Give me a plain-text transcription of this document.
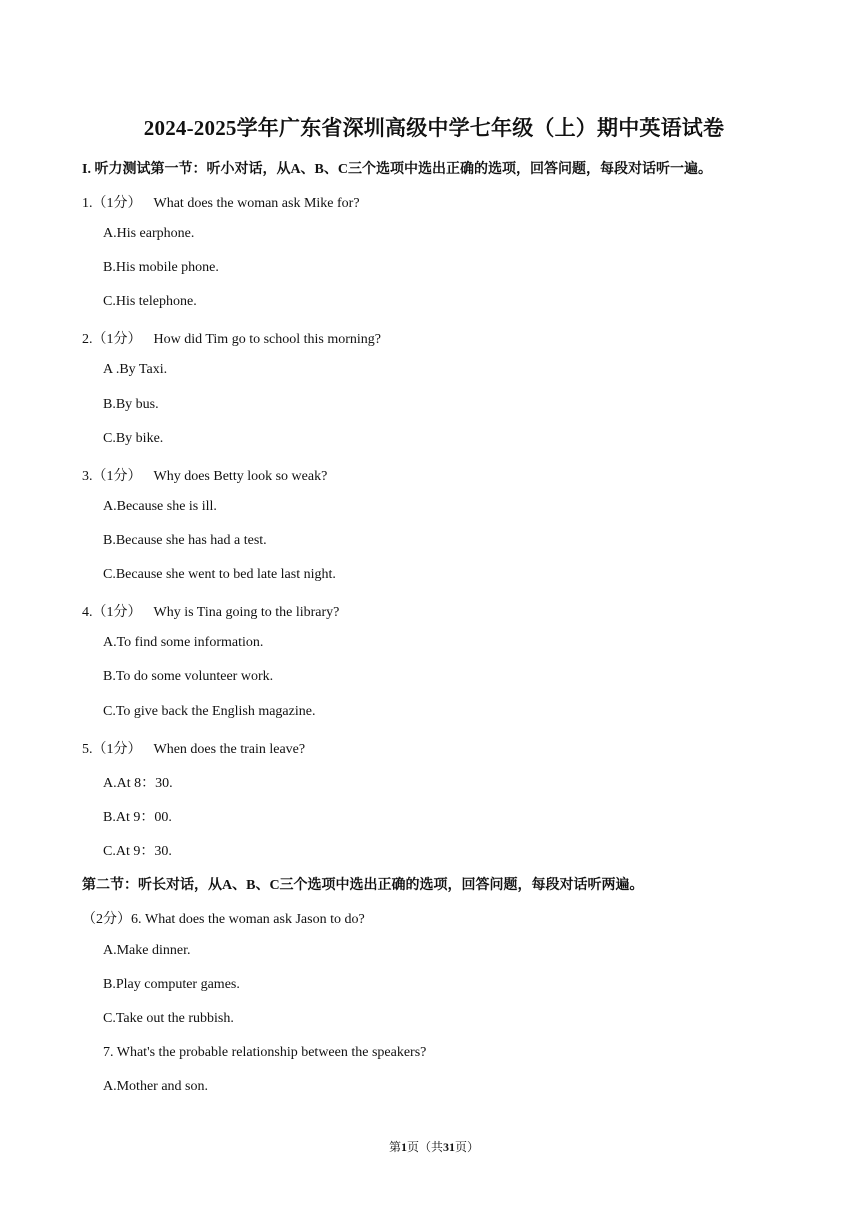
2024-2025学年广东省深圳高级中学七年级（上）期中英语试卷
I. 听力测试第一节：听小对话，从A、B、C三个选项中选出正确的选项，回答问题，每段对话听一遍。
1.（1分） What does the woman ask Mike for?
A.His earphone.
B.His mobile phone.
C.His telephone.
2.（1分） How did Tim go to school this morning?
A .By Taxi.
B.By bus.
C.By bike.
3.（1分） Why does Betty look so weak?
A.Because she is ill.
B.Because she has had a test.
C.Because she went to bed late last night.
4.（1分） Why is Tina going to the library?
A.To find some information.
B.To do some volunteer work.
C.To give back the English magazine.
5.（1分） When does the train leave?
A.At 8：30.
B.At 9：00.
C.At 9：30.
第二节：听长对话，从A、B、C三个选项中选出正确的选项，回答问题，每段对话听两遍。
（2分）6. What does the woman ask Jason to do?
A.Make dinner.
B.Play computer games.
C.Take out the rubbish.
7. What's the probable relationship between the speakers?
A.Mother and son.
第1页（共31页）
